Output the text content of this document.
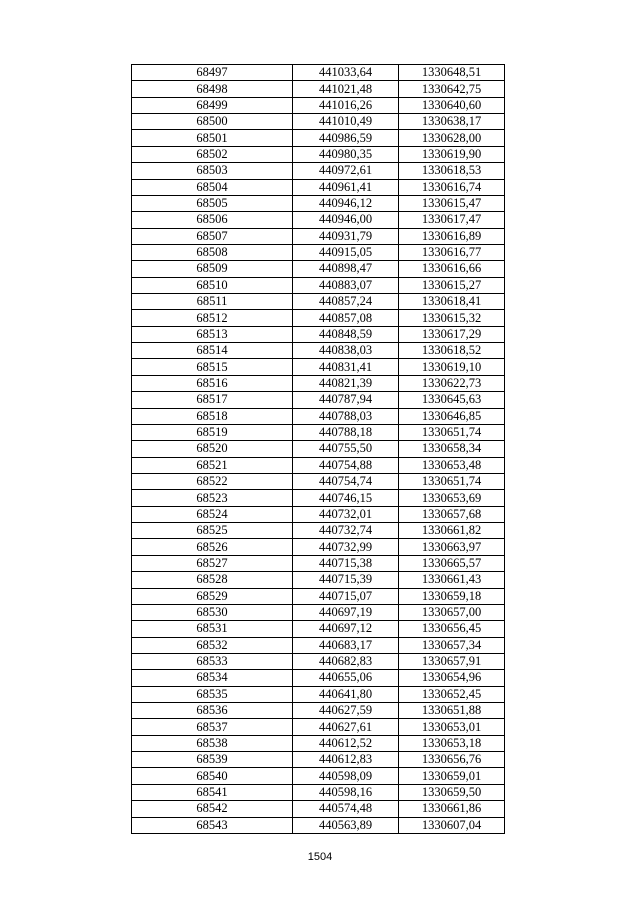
68497	441033,64	1330648,51
68498	441021,48	1330642,75
68499	441016,26	1330640,60
68500	441010,49	1330638,17
68501	440986,59	1330628,00
68502	440980,35	1330619,90
68503	440972,61	1330618,53
68504	440961,41	1330616,74
68505	440946,12	1330615,47
68506	440946,00	1330617,47
68507	440931,79	1330616,89
68508	440915,05	1330616,77
68509	440898,47	1330616,66
68510	440883,07	1330615,27
68511	440857,24	1330618,41
68512	440857,08	1330615,32
68513	440848,59	1330617,29
68514	440838,03	1330618,52
68515	440831,41	1330619,10
68516	440821,39	1330622,73
68517	440787,94	1330645,63
68518	440788,03	1330646,85
68519	440788,18	1330651,74
68520	440755,50	1330658,34
68521	440754,88	1330653,48
68522	440754,74	1330651,74
68523	440746,15	1330653,69
68524	440732,01	1330657,68
68525	440732,74	1330661,82
68526	440732,99	1330663,97
68527	440715,38	1330665,57
68528	440715,39	1330661,43
68529	440715,07	1330659,18
68530	440697,19	1330657,00
68531	440697,12	1330656,45
68532	440683,17	1330657,34
68533	440682,83	1330657,91
68534	440655,06	1330654,96
68535	440641,80	1330652,45
68536	440627,59	1330651,88
68537	440627,61	1330653,01
68538	440612,52	1330653,18
68539	440612,83	1330656,76
68540	440598,09	1330659,01
68541	440598,16	1330659,50
68542	440574,48	1330661,86
68543	440563,89	1330607,04
1504
